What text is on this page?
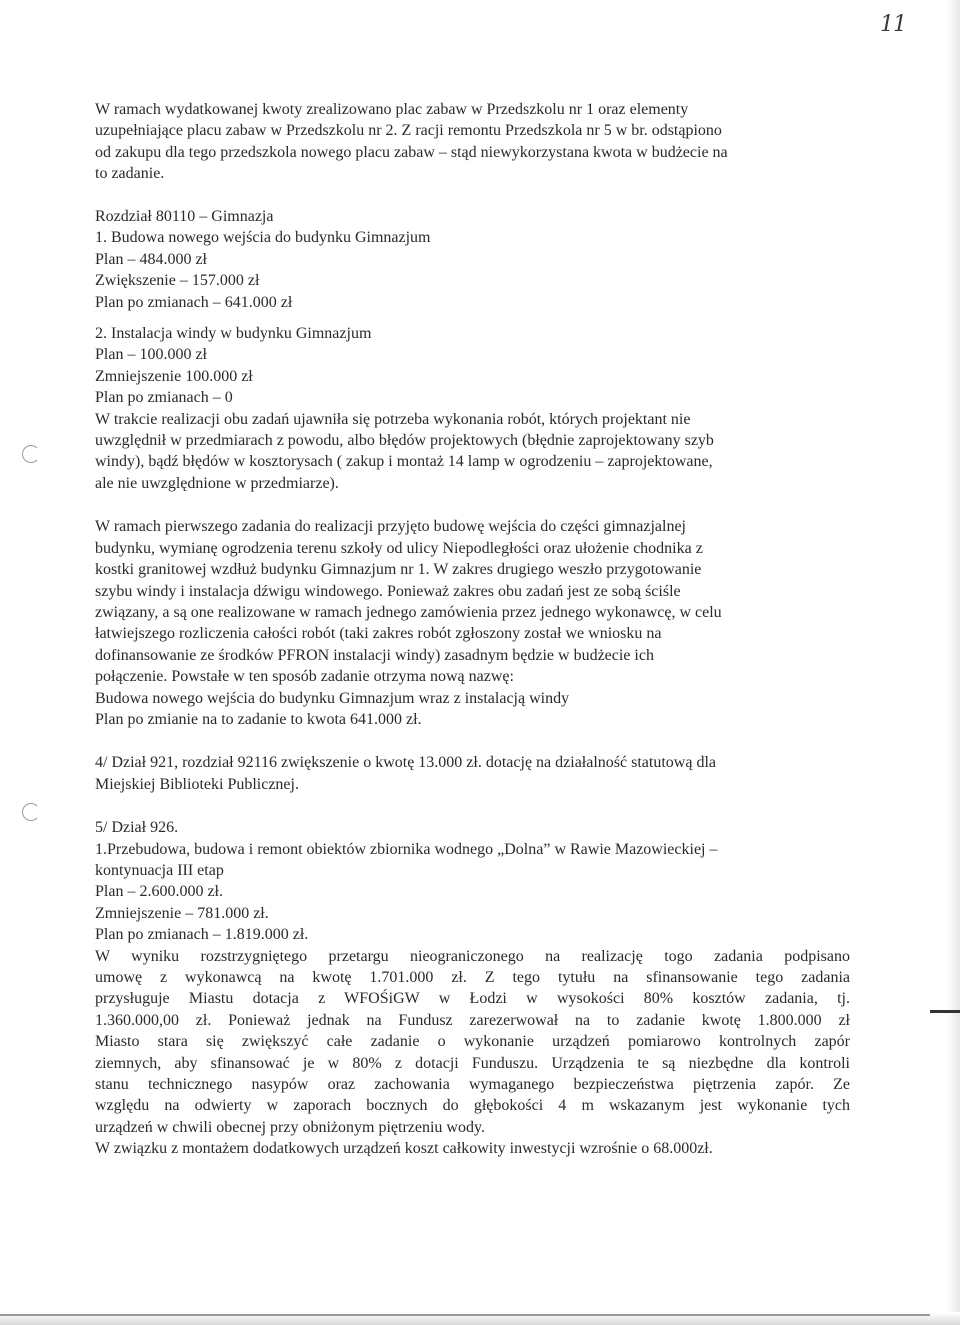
11
W ramach wydatkowanej kwoty zrealizowano plac zabaw w Przedszkolu nr 1 oraz elementy
uzupełniające placu zabaw w Przedszkolu nr 2. Z racji remontu Przedszkola nr 5 w br. odstąpiono
od zakupu dla tego przedszkola nowego placu zabaw – stąd niewykorzystana kwota w budżecie na
to zadanie.
Rozdział 80110 – Gimnazja
1. Budowa nowego wejścia do budynku Gimnazjum
Plan – 484.000 zł
Zwiększenie – 157.000 zł
Plan po zmianach – 641.000 zł
2. Instalacja windy w budynku Gimnazjum
Plan – 100.000 zł
Zmniejszenie 100.000 zł
Plan po zmianach – 0
W trakcie realizacji obu zadań ujawniła się potrzeba wykonania robót, których projektant nie
uwzględnił w przedmiarach z powodu, albo błędów projektowych (błędnie zaprojektowany szyb
windy), bądź błędów w kosztorysach ( zakup i montaż 14 lamp w ogrodzeniu – zaprojektowane,
ale nie uwzględnione w przedmiarze).
W ramach pierwszego zadania do realizacji przyjęto budowę wejścia do części gimnazjalnej
budynku, wymianę ogrodzenia terenu szkoły od ulicy Niepodległości oraz ułożenie chodnika z
kostki granitowej wzdłuż budynku Gimnazjum nr 1. W zakres drugiego weszło przygotowanie
szybu windy i instalacja dźwigu windowego. Ponieważ zakres obu zadań jest ze sobą ściśle
związany, a są one realizowane w ramach jednego zamówienia przez jednego wykonawcę, w celu
łatwiejszego rozliczenia całości robót (taki zakres robót zgłoszony został we wniosku na
dofinansowanie ze środków PFRON instalacji windy) zasadnym będzie w budżecie ich
połączenie. Powstałe w ten sposób zadanie otrzyma nową nazwę:
Budowa nowego wejścia do budynku Gimnazjum wraz z instalacją windy
Plan po zmianie na to zadanie to kwota 641.000 zł.
4/ Dział 921, rozdział 92116 zwiększenie o kwotę 13.000 zł. dotację na działalność statutową dla
Miejskiej Biblioteki Publicznej.
5/ Dział 926.
1.Przebudowa, budowa i remont obiektów zbiornika wodnego „Dolna” w Rawie Mazowieckiej –
kontynuacja III etap
Plan – 2.600.000 zł.
Zmniejszenie – 781.000 zł.
Plan po zmianach – 1.819.000 zł.
W wyniku rozstrzygniętego przetargu nieograniczonego na realizację togo zadania podpisano
umowę z wykonawcą na kwotę 1.701.000 zł. Z tego tytułu na sfinansowanie tego zadania
przysługuje Miastu dotacja z WFOŚiGW w Łodzi w wysokości 80% kosztów zadania, tj.
1.360.000,00 zł. Ponieważ jednak na Fundusz zarezerwował na to zadanie kwotę 1.800.000 zł
Miasto stara się zwiększyć całe zadanie o wykonanie urządzeń pomiarowo kontrolnych zapór
ziemnych, aby sfinansować je w 80% z dotacji Funduszu. Urządzenia te są niezbędne dla kontroli
stanu technicznego nasypów oraz zachowania wymaganego bezpieczeństwa piętrzenia zapór. Ze
względu na odwierty w zaporach bocznych do głębokości 4 m wskazanym jest wykonanie tych
urządzeń w chwili obecnej przy obniżonym piętrzeniu wody.
W związku z montażem dodatkowych urządzeń koszt całkowity inwestycji wzrośnie o 68.000zł.
